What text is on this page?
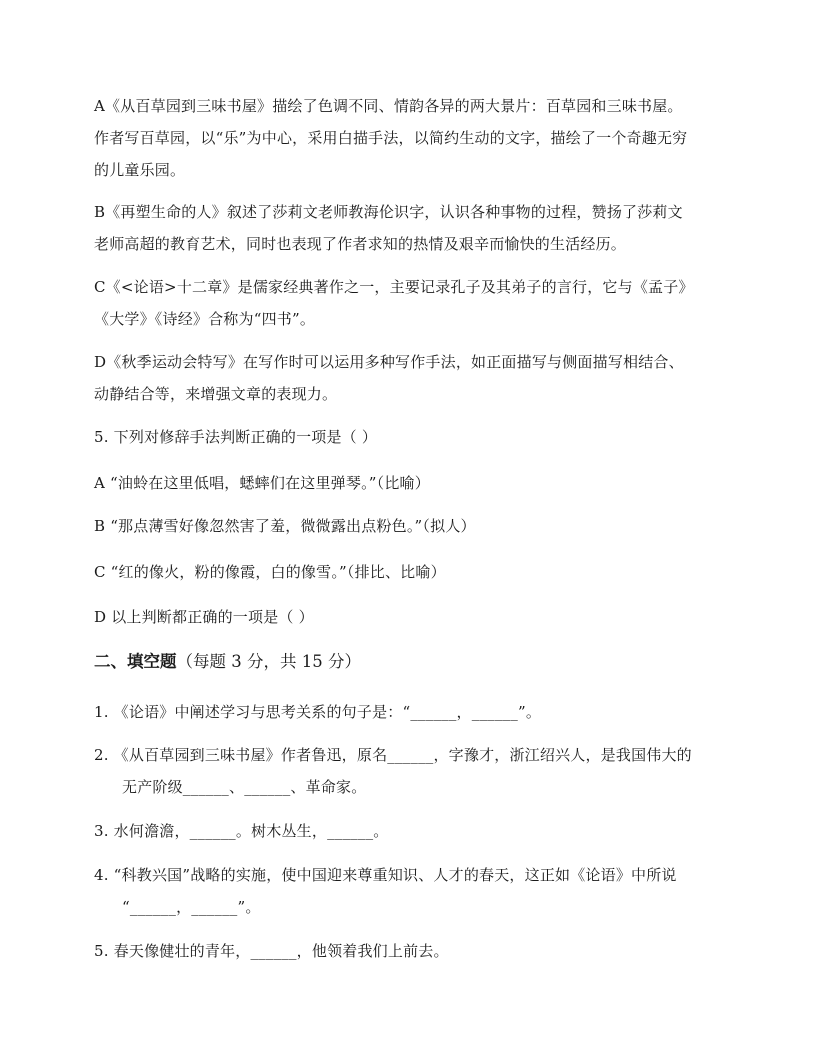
A《从百草园到三味书屋》描绘了色调不同、情韵各异的两大景片：百草园和三味书屋。
作者写百草园，以“乐”为中心，采用白描手法，以简约生动的文字，描绘了一个奇趣无穷
的儿童乐园。
B《再塑生命的人》叙述了莎莉文老师教海伦识字，认识各种事物的过程，赞扬了莎莉文
老师高超的教育艺术，同时也表现了作者求知的热情及艰辛而愉快的生活经历。
C《<论语>十二章》是儒家经典著作之一，主要记录孔子及其弟子的言行，它与《孟子》
《大学》《诗经》合称为“四书”。
D《秋季运动会特写》在写作时可以运用多种写作手法，如正面描写与侧面描写相结合、
动静结合等，来增强文章的表现力。
5. 下列对修辞手法判断正确的一项是（ ）
A “油蛉在这里低唱，蟋蟀们在这里弹琴。”（比喻）
B “那点薄雪好像忽然害了羞，微微露出点粉色。”（拟人）
C “红的像火，粉的像霞，白的像雪。”（排比、比喻）
D 以上判断都正确的一项是（ ）
二、填空题（每题 3 分，共 15 分）
1. 《论语》中阐述学习与思考关系的句子是：“______，______”。
2. 《从百草园到三味书屋》作者鲁迅，原名______，字豫才，浙江绍兴人，是我国伟大的
无产阶级______、______、革命家。
3. 水何澹澹，______。树木丛生，______。
4. “科教兴国”战略的实施，使中国迎来尊重知识、人才的春天，这正如《论语》中所说
“______，______”。
5. 春天像健壮的青年，______，他领着我们上前去。
